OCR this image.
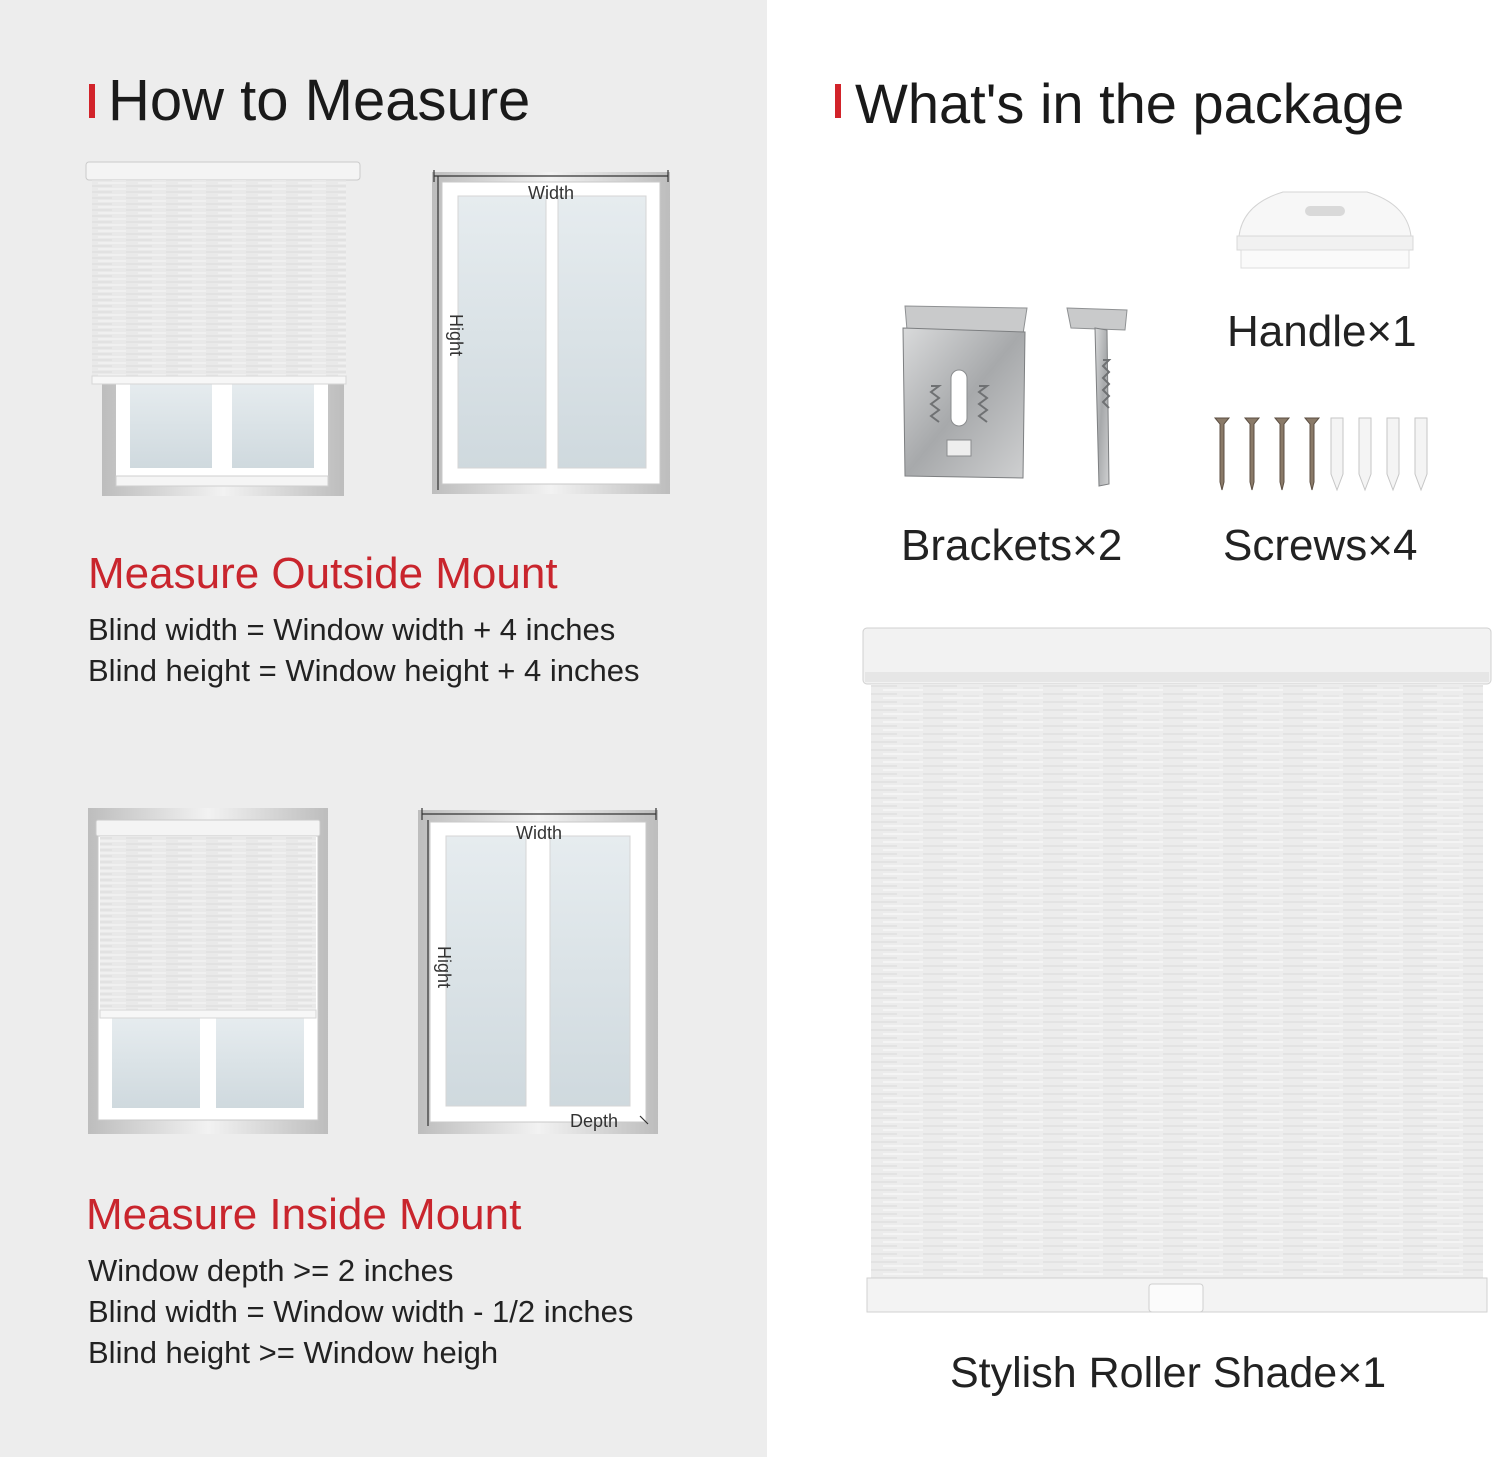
How to Measure
Width
Hight
Measure Outside Mount

Blind width = Window width + 4 inches

Blind height = Window height + 4 inches

Width
Hight
Depth
Measure Inside Mount

Window depth >= 2 inches

Blind width = Window width - 1/2 inches

Blind height >= Window heigh

What's in the package

Handle×1

Brackets×2 Screws×4

Stylish Roller Shade×1
